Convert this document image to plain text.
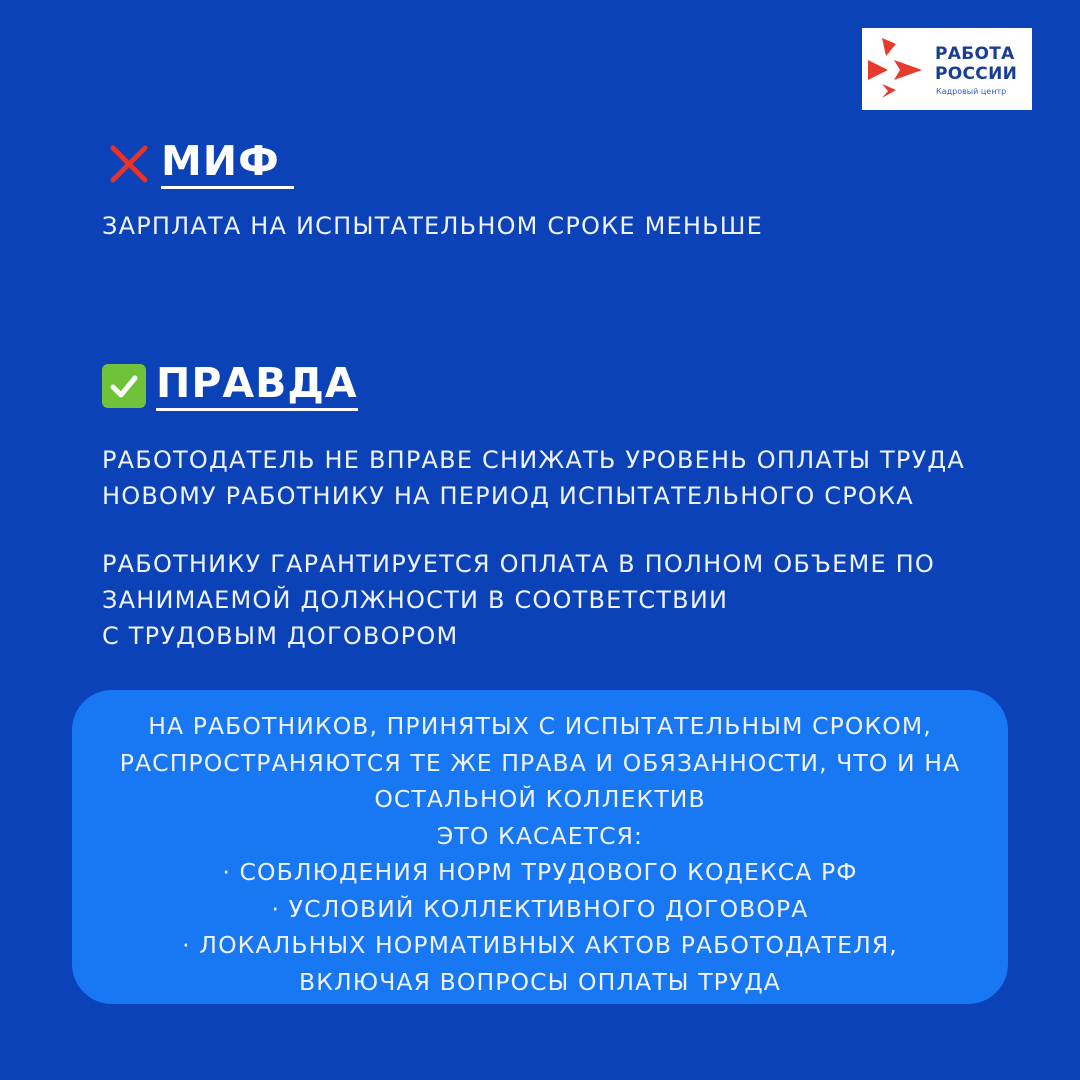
РАБОТА
РОССИИ
Кадровый центр
МИФ
ЗАРПЛАТА НА ИСПЫТАТЕЛЬНОМ СРОКЕ МЕНЬШЕ
ПРАВДА
РАБОТОДАТЕЛЬ НЕ ВПРАВЕ СНИЖАТЬ УРОВЕНЬ ОПЛАТЫ ТРУДА
НОВОМУ РАБОТНИКУ НА ПЕРИОД ИСПЫТАТЕЛЬНОГО СРОКА
РАБОТНИКУ ГАРАНТИРУЕТСЯ ОПЛАТА В ПОЛНОМ ОБЪЕМЕ ПО
ЗАНИМАЕМОЙ ДОЛЖНОСТИ В СООТВЕТСТВИИ
С ТРУДОВЫМ ДОГОВОРОМ
НА РАБОТНИКОВ, ПРИНЯТЫХ С ИСПЫТАТЕЛЬНЫМ СРОКОМ,
РАСПРОСТРАНЯЮТСЯ ТЕ ЖЕ ПРАВА И ОБЯЗАННОСТИ, ЧТО И НА
ОСТАЛЬНОЙ КОЛЛЕКТИВ
ЭТО КАСАЕТСЯ:
· СОБЛЮДЕНИЯ НОРМ ТРУДОВОГО КОДЕКСА РФ
· УСЛОВИЙ КОЛЛЕКТИВНОГО ДОГОВОРА
· ЛОКАЛЬНЫХ НОРМАТИВНЫХ АКТОВ РАБОТОДАТЕЛЯ,
ВКЛЮЧАЯ ВОПРОСЫ ОПЛАТЫ ТРУДА
